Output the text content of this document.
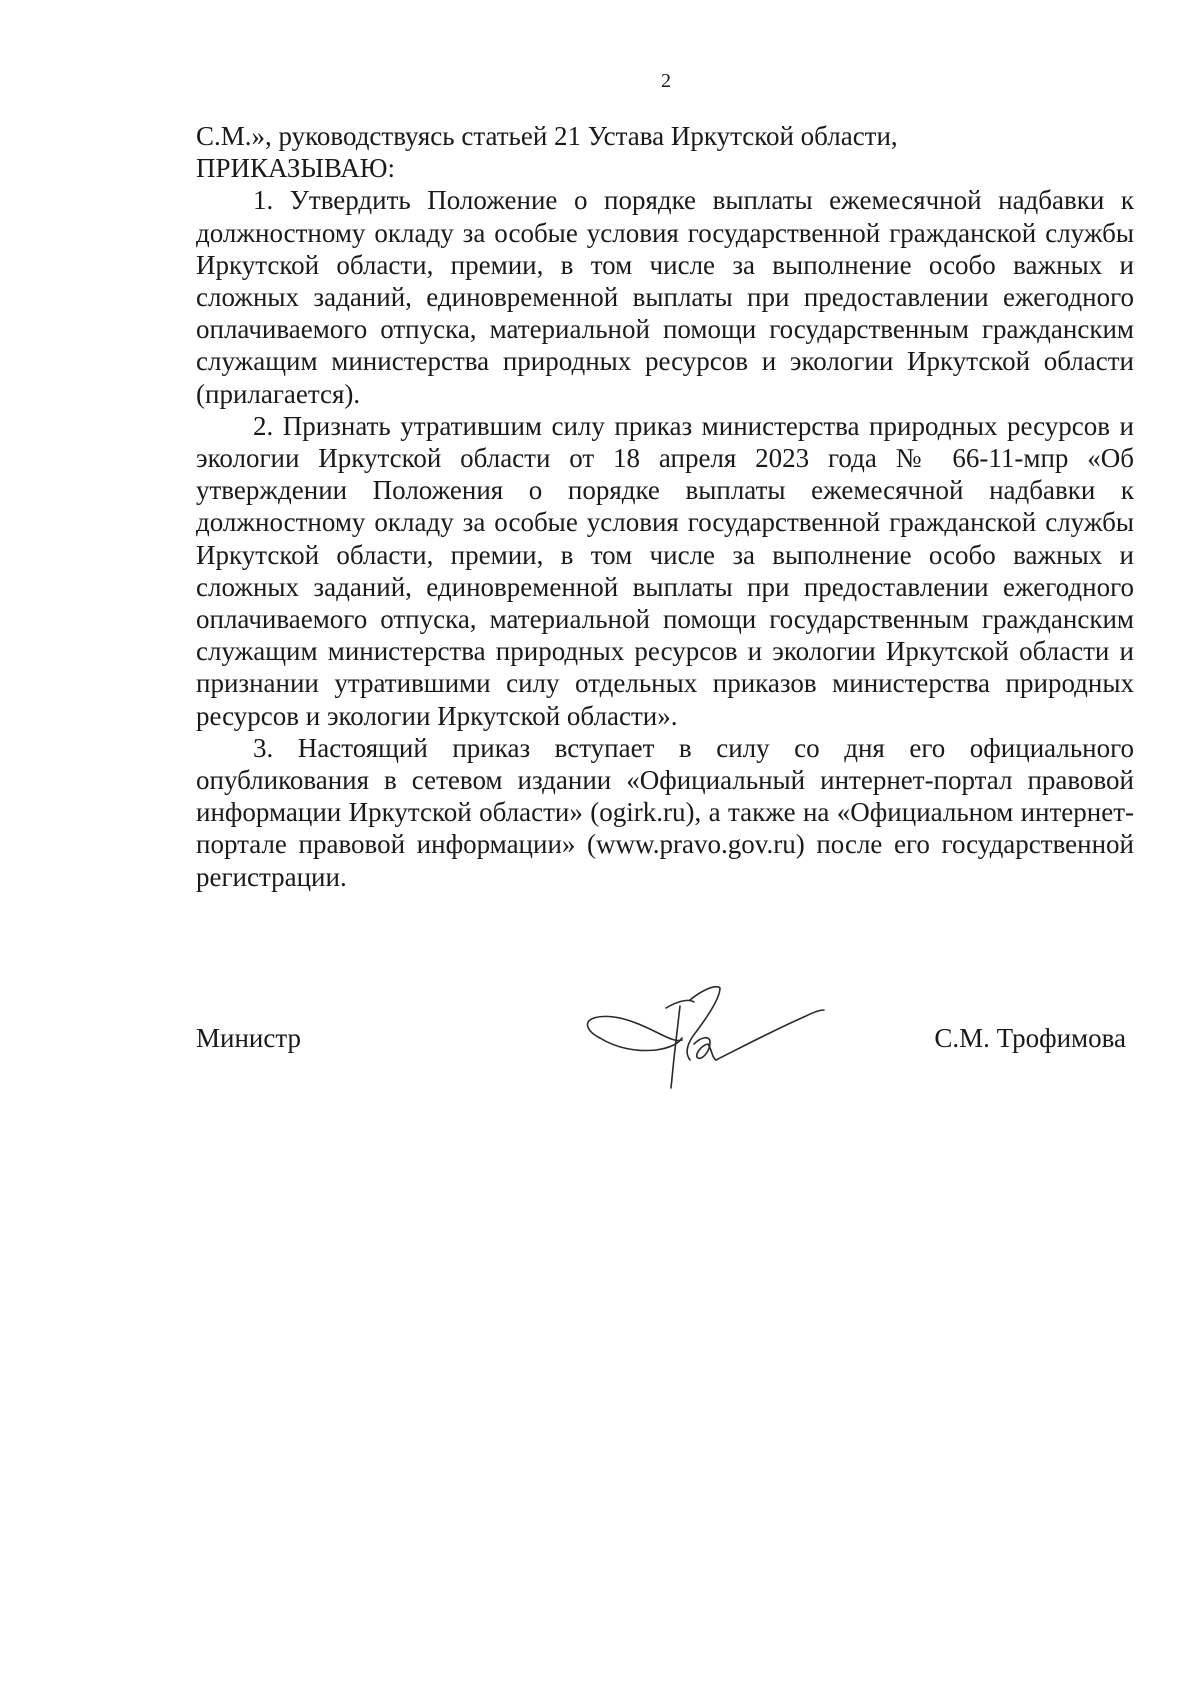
2

С.М.», руководствуясь статьей 21 Устава Иркутской области,

ПРИКАЗЫВАЮ:

1. Утвердить Положение о порядке выплаты ежемесячной надбавки к должностному окладу за особые условия государственной гражданской службы Иркутской области, премии, в том числе за выполнение особо важных и сложных заданий, единовременной выплаты при предоставлении ежегодного оплачиваемого отпуска, материальной помощи государственным гражданским служащим министерства природных ресурсов и экологии Иркутской области (прилагается).

2. Признать утратившим силу приказ министерства природных ресурсов и экологии Иркутской области от 18 апреля 2023 года № 66-11-мпр «Об утверждении Положения о порядке выплаты ежемесячной надбавки к должностному окладу за особые условия государственной гражданской службы Иркутской области, премии, в том числе за выполнение особо важных и сложных заданий, единовременной выплаты при предоставлении ежегодного оплачиваемого отпуска, материальной помощи государственным гражданским служащим министерства природных ресурсов и экологии Иркутской области и признании утратившими силу отдельных приказов министерства природных ресурсов и экологии Иркутской области».

3. Настоящий приказ вступает в силу со дня его официального опубликования в сетевом издании «Официальный интернет-портал правовой информации Иркутской области» (ogirk.ru), а также на «Официальном интернет-портале правовой информации» (www.pravo.gov.ru) после его государственной регистрации.

Министр	С.М. Трофимова
